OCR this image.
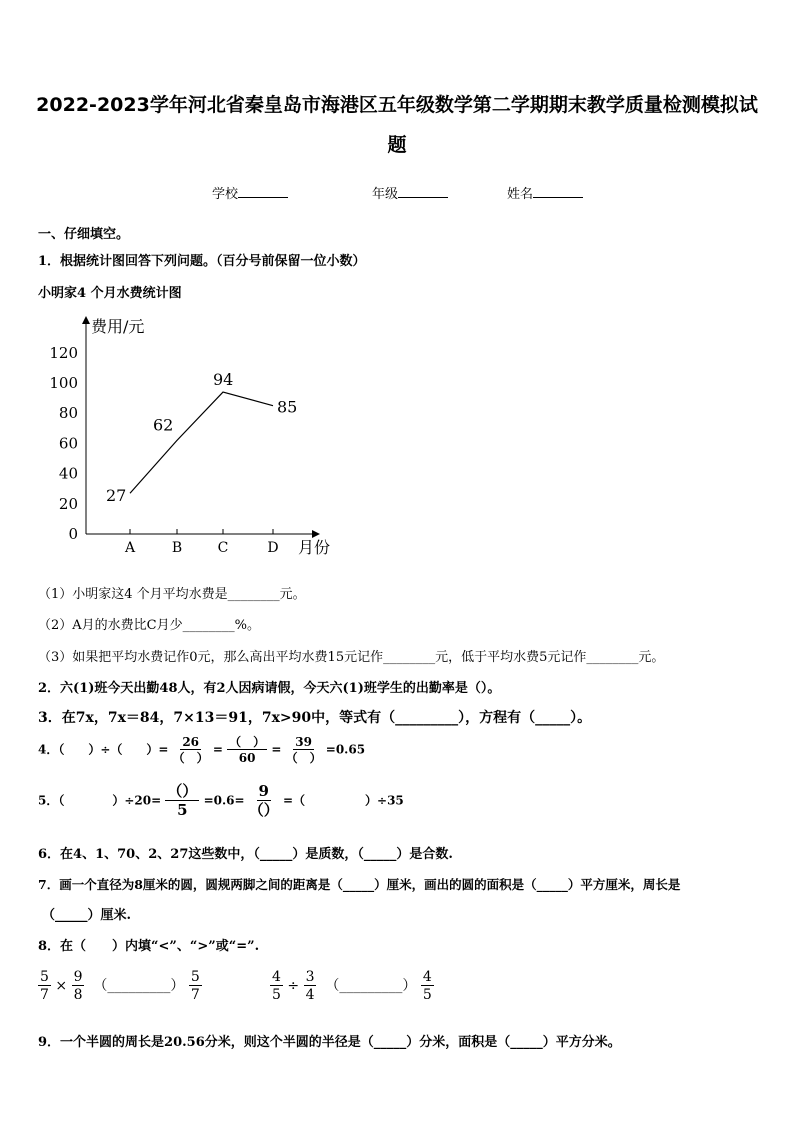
2022-2023学年河北省秦皇岛市海港区五年级数学第二学期期末教学质量检测模拟试
题
学校	年级	姓名
一、仔细填空。
1．根据统计图回答下列问题。（百分号前保留一位小数）
小明家4 个月水费统计图
费用/元
月份
0
20
40
60
80
100
120
A	B	C	D
27
62
94
85
（1）小明家这4 个月平均水费是________元。
（2）A月的水费比C月少________%。
（3）如果把平均水费记作0元，那么高出平均水费15元记作________元，低于平均水费5元记作________元。
2．六(1)班今天出勤48人，有2人因病请假，今天六(1)班学生的出勤率是（）。
3．在7x，7x＝84，7×13＝91，7x>90中，等式有（_________），方程有（_____）。
4．（　　）÷（　　）= $\frac{26}{( )} = \frac{( )}{60} = \frac{39}{( )} =0.65$
5．（　　　　）$\div 20= \frac{()}{5} =0.6= \frac{9}{()}$ =（　　　　　）÷35
6．在4、1、70、2、27这些数中，（_____）是质数，（_____）是合数.
7．画一个直径为8厘米的圆，圆规两脚之间的距离是（_____）厘米，画出的圆的面积是（_____）平方厘米，周长是
（_____）厘米.
8．在（　　）内填“<”、“>”或“=”.
$\frac{5}{7} \times \frac{9}{8}$ （_________） $\frac{5}{7}$	$\frac{4}{5} \div \frac{3}{4}$ （_________） $\frac{4}{5}$
9．一个半圆的周长是20.56分米，则这个半圆的半径是（_____）分米，面积是（_____）平方分米。
